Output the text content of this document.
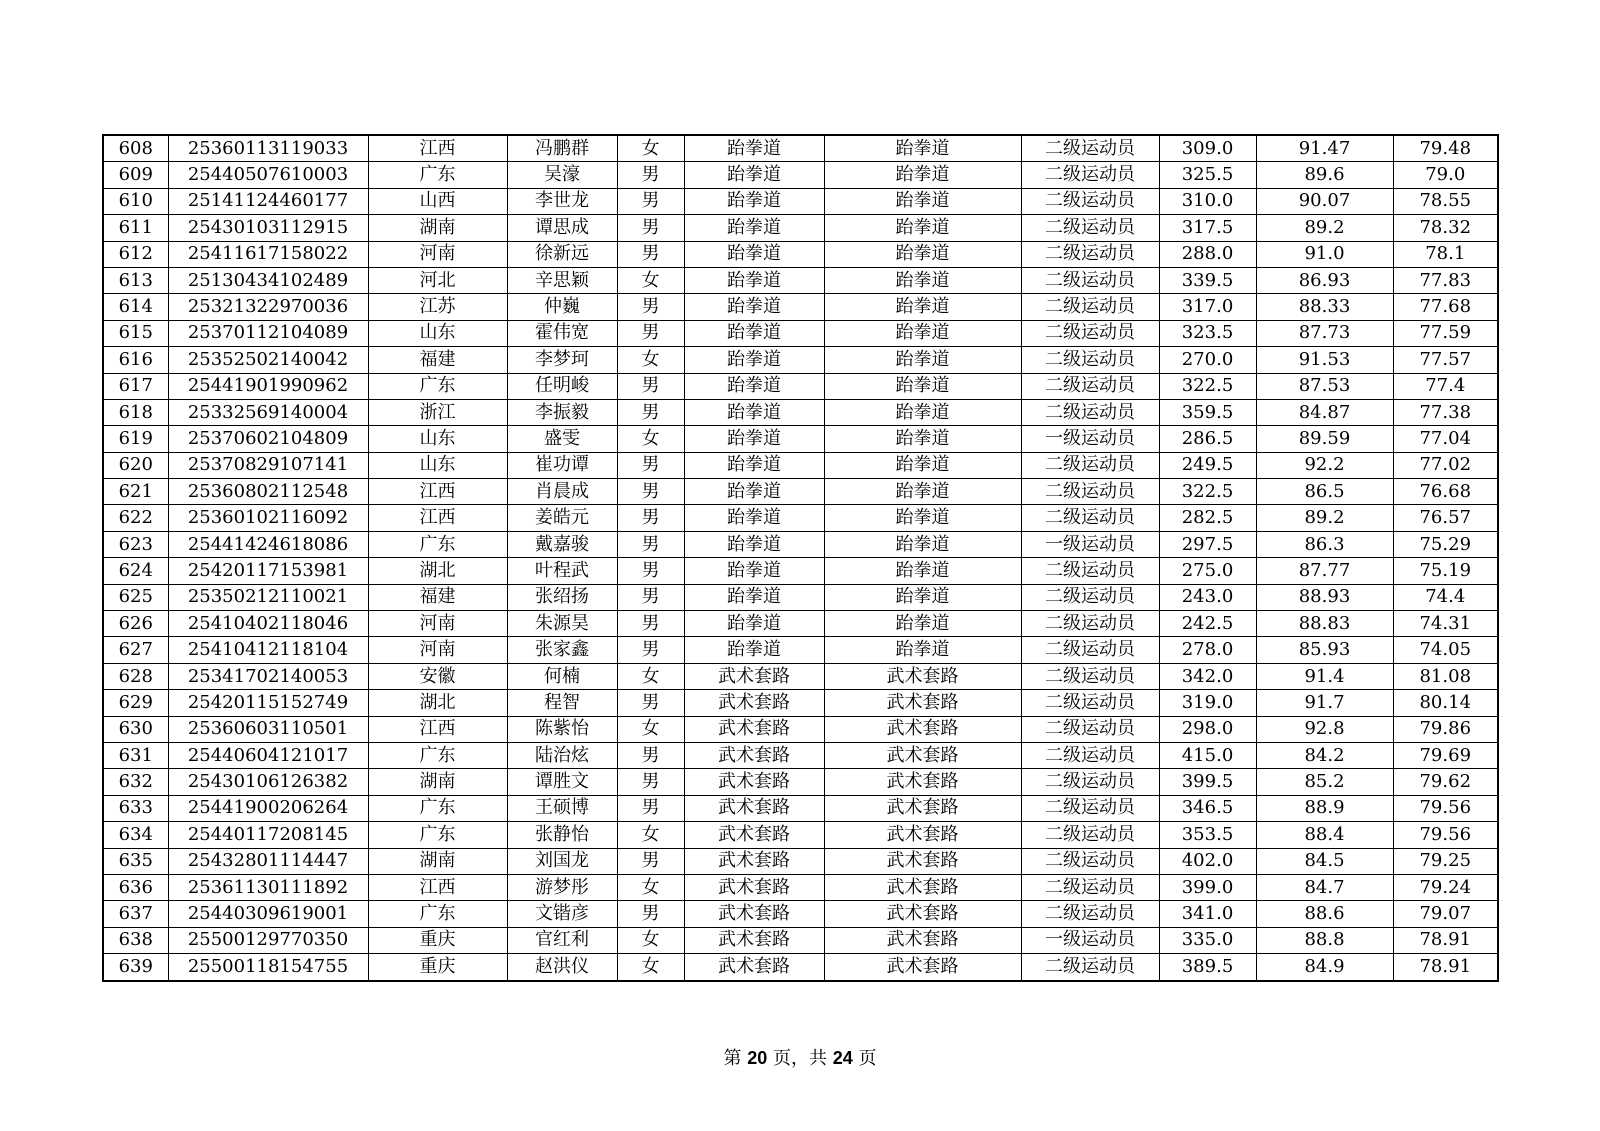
608	25360113119033	江西	冯鹏群	女	跆拳道	跆拳道	二级运动员	309.0	91.47	79.48
609	25440507610003	广东	吴濠	男	跆拳道	跆拳道	二级运动员	325.5	89.6	79.0
610	25141124460177	山西	李世龙	男	跆拳道	跆拳道	二级运动员	310.0	90.07	78.55
611	25430103112915	湖南	谭思成	男	跆拳道	跆拳道	二级运动员	317.5	89.2	78.32
612	25411617158022	河南	徐新远	男	跆拳道	跆拳道	二级运动员	288.0	91.0	78.1
613	25130434102489	河北	辛思颖	女	跆拳道	跆拳道	二级运动员	339.5	86.93	77.83
614	25321322970036	江苏	仲巍	男	跆拳道	跆拳道	二级运动员	317.0	88.33	77.68
615	25370112104089	山东	霍伟宽	男	跆拳道	跆拳道	二级运动员	323.5	87.73	77.59
616	25352502140042	福建	李梦珂	女	跆拳道	跆拳道	二级运动员	270.0	91.53	77.57
617	25441901990962	广东	任明峻	男	跆拳道	跆拳道	二级运动员	322.5	87.53	77.4
618	25332569140004	浙江	李振毅	男	跆拳道	跆拳道	二级运动员	359.5	84.87	77.38
619	25370602104809	山东	盛雯	女	跆拳道	跆拳道	一级运动员	286.5	89.59	77.04
620	25370829107141	山东	崔功谭	男	跆拳道	跆拳道	二级运动员	249.5	92.2	77.02
621	25360802112548	江西	肖晨成	男	跆拳道	跆拳道	二级运动员	322.5	86.5	76.68
622	25360102116092	江西	姜皓元	男	跆拳道	跆拳道	二级运动员	282.5	89.2	76.57
623	25441424618086	广东	戴嘉骏	男	跆拳道	跆拳道	一级运动员	297.5	86.3	75.29
624	25420117153981	湖北	叶程武	男	跆拳道	跆拳道	二级运动员	275.0	87.77	75.19
625	25350212110021	福建	张绍扬	男	跆拳道	跆拳道	二级运动员	243.0	88.93	74.4
626	25410402118046	河南	朱源昊	男	跆拳道	跆拳道	二级运动员	242.5	88.83	74.31
627	25410412118104	河南	张家鑫	男	跆拳道	跆拳道	二级运动员	278.0	85.93	74.05
628	25341702140053	安徽	何楠	女	武术套路	武术套路	二级运动员	342.0	91.4	81.08
629	25420115152749	湖北	程智	男	武术套路	武术套路	二级运动员	319.0	91.7	80.14
630	25360603110501	江西	陈紫怡	女	武术套路	武术套路	二级运动员	298.0	92.8	79.86
631	25440604121017	广东	陆治炫	男	武术套路	武术套路	二级运动员	415.0	84.2	79.69
632	25430106126382	湖南	谭胜文	男	武术套路	武术套路	二级运动员	399.5	85.2	79.62
633	25441900206264	广东	王硕博	男	武术套路	武术套路	二级运动员	346.5	88.9	79.56
634	25440117208145	广东	张静怡	女	武术套路	武术套路	二级运动员	353.5	88.4	79.56
635	25432801114447	湖南	刘国龙	男	武术套路	武术套路	二级运动员	402.0	84.5	79.25
636	25361130111892	江西	游梦彤	女	武术套路	武术套路	二级运动员	399.0	84.7	79.24
637	25440309619001	广东	文锴彦	男	武术套路	武术套路	二级运动员	341.0	88.6	79.07
638	25500129770350	重庆	官红利	女	武术套路	武术套路	一级运动员	335.0	88.8	78.91
639	25500118154755	重庆	赵洪仪	女	武术套路	武术套路	二级运动员	389.5	84.9	78.91
第 20 页，共 24 页
